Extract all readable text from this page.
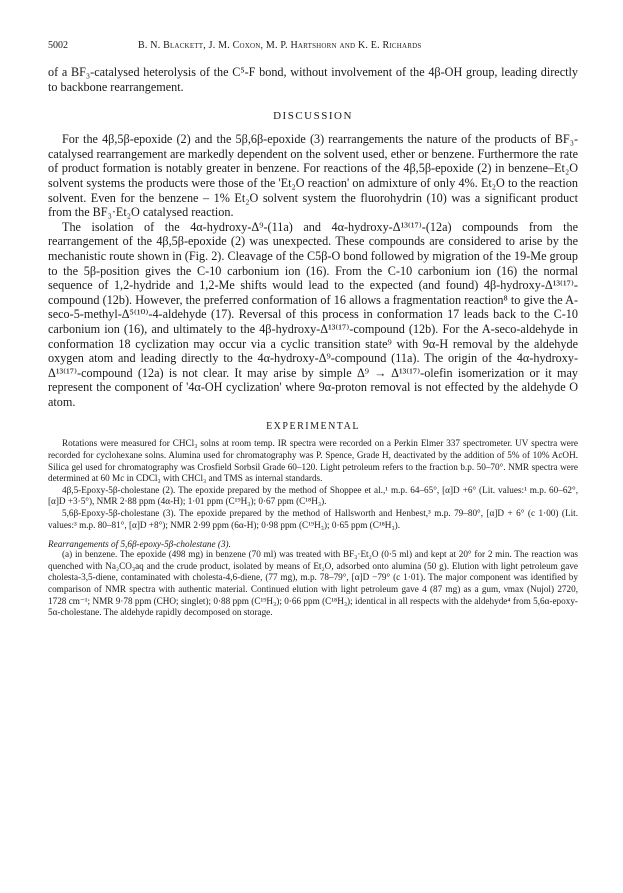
5002	B. N. Blackett, J. M. Coxon, M. P. Hartshorn and K. E. Richards

of a BF₃-catalysed heterolysis of the C⁵-F bond, without involvement of the 4β-OH group, leading directly to backbone rearrangement.

DISCUSSION

For the 4β,5β-epoxide (2) and the 5β,6β-epoxide (3) rearrangements the nature of the products of BF₃-catalysed rearrangement are markedly dependent on the solvent used, ether or benzene. Furthermore the rate of product formation is notably greater in benzene. For reactions of the 4β,5β-epoxide (2) in benzene–Et₂O solvent systems the products were those of the 'Et₂O reaction' on admixture of only 4%. Et₂O to the reaction solvent. Even for the benzene – 1% Et₂O solvent system the fluorohydrin (10) was a significant product from the BF₃·Et₂O catalysed reaction.

The isolation of the 4α-hydroxy-Δ⁹-(11a) and 4α-hydroxy-Δ¹³⁽¹⁷⁾-(12a) compounds from the rearrangement of the 4β,5β-epoxide (2) was unexpected. These compounds are considered to arise by the mechanistic route shown in (Fig. 2). Cleavage of the C5β-O bond followed by migration of the 19-Me group to the 5β-position gives the C-10 carbonium ion (16). From the C-10 carbonium ion (16) the normal sequence of 1,2-hydride and 1,2-Me shifts would lead to the expected (and found) 4β-hydroxy-Δ¹³⁽¹⁷⁾-compound (12b). However, the preferred conformation of 16 allows a fragmentation reaction⁸ to give the A-seco-5-methyl-Δ⁵⁽¹⁰⁾-4-aldehyde (17). Reversal of this process in conformation 17 leads back to the C-10 carbonium ion (16), and ultimately to the 4β-hydroxy-Δ¹³⁽¹⁷⁾-compound (12b). For the A-seco-aldehyde in conformation 18 cyclization may occur via a cyclic transition state⁹ with 9α-H removal by the aldehyde oxygen atom and leading directly to the 4α-hydroxy-Δ⁹-compound (11a). The origin of the 4α-hydroxy-Δ¹³⁽¹⁷⁾-compound (12a) is not clear. It may arise by simple Δ⁹ → Δ¹³⁽¹⁷⁾-olefin isomerization or it may represent the component of '4α-OH cyclization' where 9α-proton removal is not effected by the aldehyde O atom.

EXPERIMENTAL

Rotations were measured for CHCl₃ solns at room temp. IR spectra were recorded on a Perkin Elmer 337 spectrometer. UV spectra were recorded for cyclohexane solns. Alumina used for chromatography was P. Spence, Grade H, deactivated by the addition of 5% of 10% AcOH. Silica gel used for chromatography was Crosfield Sorbsil Grade 60–120. Light petroleum refers to the fraction b.p. 50–70°. NMR spectra were determined at 60 Mc in CDCl₃ with CHCl₃ and TMS as internal standards.

4β,5-Epoxy-5β-cholestane (2). The epoxide prepared by the method of Shoppee et al.,¹ m.p. 64–65°, [α]D +6° (Lit. values:¹ m.p. 60–62°, [α]D +3·5°), NMR 2·88 ppm (4α-H); 1·01 ppm (C¹⁹H₃); 0·67 ppm (C¹⁸H₃).

5,6β-Epoxy-5β-cholestane (3). The epoxide prepared by the method of Hallsworth and Henbest,³ m.p. 79–80°, [α]D + 6° (c 1·00) (Lit. values:³ m.p. 80–81°, [α]D +8°); NMR 2·99 ppm (6α-H); 0·98 ppm (C¹⁹H₃); 0·65 ppm (C¹⁸H₃).

Rearrangements of 5,6β-epoxy-5β-cholestane (3).

(a) in benzene. The epoxide (498 mg) in benzene (70 ml) was treated with BF₃·Et₂O (0·5 ml) and kept at 20° for 2 min. The reaction was quenched with Na₂CO₃aq and the crude product, isolated by means of Et₂O, adsorbed onto alumina (50 g). Elution with light petroleum gave cholesta-3,5-diene, contaminated with cholesta-4,6-diene, (77 mg), m.p. 78–79°, [α]D −79° (c 1·01). The major component was identified by comparison of NMR spectra with authentic material. Continued elution with light petroleum gave 4 (87 mg) as a gum, νmax (Nujol) 2720, 1728 cm⁻¹; NMR 9·78 ppm (CHO; singlet); 0·88 ppm (C¹⁹H₃); 0·66 ppm (C¹⁸H₃); identical in all respects with the aldehyde⁴ from 5,6α-epoxy-5α-cholestane. The aldehyde rapidly decomposed on storage.
